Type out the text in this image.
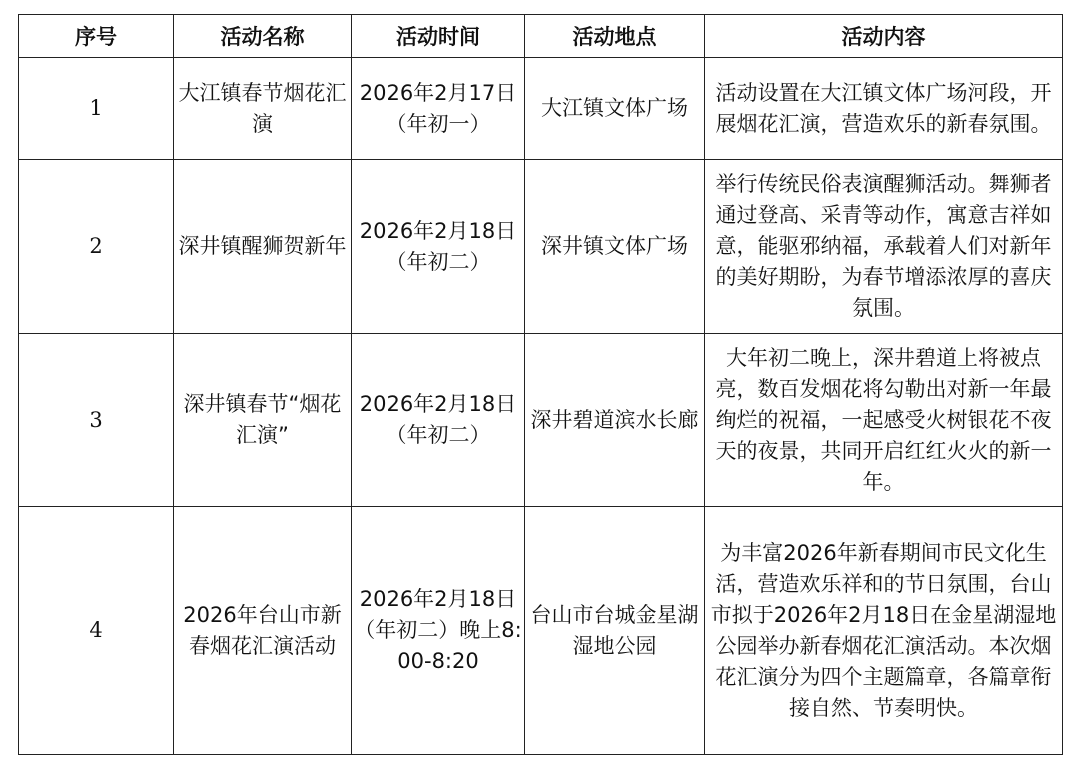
序号	活动名称	活动时间	活动地点	活动内容
1	大江镇春节烟花汇演	2026年2月17日（年初一）	大江镇文体广场	活动设置在大江镇文体广场河段，开展烟花汇演，营造欢乐的新春氛围。
2	深井镇醒狮贺新年	2026年2月18日（年初二）	深井镇文体广场	举行传统民俗表演醒狮活动。舞狮者通过登高、采青等动作，寓意吉祥如意，能驱邪纳福，承载着人们对新年的美好期盼，为春节增添浓厚的喜庆氛围。
3	深井镇春节“烟花汇演”	2026年2月18日（年初二）	深井碧道滨水长廊	大年初二晚上，深井碧道上将被点亮，数百发烟花将勾勒出对新一年最绚烂的祝福，一起感受火树银花不夜天的夜景，共同开启红红火火的新一年。
4	2026年台山市新春烟花汇演活动	2026年2月18日（年初二）晚上8:00-8:20	台山市台城金星湖湿地公园	为丰富2026年新春期间市民文化生活，营造欢乐祥和的节日氛围，台山市拟于2026年2月18日在金星湖湿地公园举办新春烟花汇演活动。本次烟花汇演分为四个主题篇章，各篇章衔接自然、节奏明快。
